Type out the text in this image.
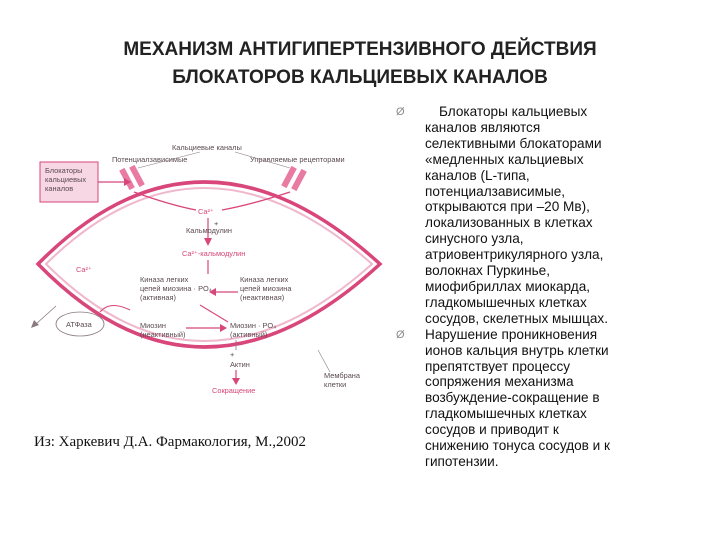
МЕХАНИЗМ АНТИГИПЕРТЕНЗИВНОГО ДЕЙСТВИЯ
БЛОКАТОРОВ КАЛЬЦИЕВЫХ КАНАЛОВ
Кальциевые каналы
Потенциалзависимые	Управляемые рецепторами
Блокаторы кальциевых каналов
Ca²⁺
Кальмодулин
+
Ca²⁺-кальмодулин
Киназа легких цепей миозина · PO₄ (активная)
Киназа легких цепей миозина (неактивная)
Миозин (неактивный)
Миозин · PO₄ (активный)
+
Актин
Сокращение
Ca²⁺
АТФаза
Мембрана клетки
Ø	Блокаторы кальциевых
каналов являются
селективными блокаторами
«медленных кальциевых
каналов (L-типа,
потенциалзависимые,
открываются при –20 Мв),
локализованных в клетках
синусного узла,
атриовентрикулярного узла,
волокнах Пуркинье,
миофибриллах миокарда,
гладкомышечных клетках
сосудов, скелетных мышцах.
Ø Нарушение проникновения
ионов кальция внутрь клетки
препятствует процессу
сопряжения механизма
возбуждение-сокращение в
гладкомышечных клетках
сосудов и приводит к
снижению тонуса сосудов и к
гипотензии.
Из: Харкевич Д.А. Фармакология, М.,2002
